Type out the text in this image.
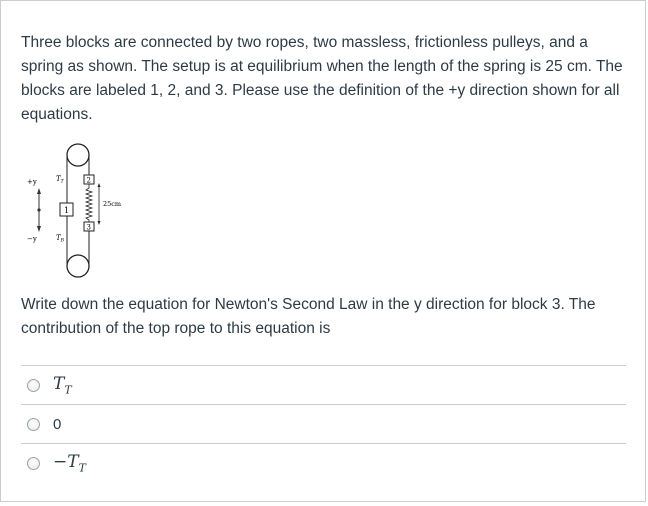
Three blocks are connected by two ropes, two massless, frictionless pulleys, and a spring as shown. The setup is at equilibrium when the length of the spring is 25 cm. The blocks are labeled 1, 2, and 3. Please use the definition of the +y direction shown for all equations.

+y
−y
1
2
3
25cm
$T_T$
$T_B$

Write down the equation for Newton's Second Law in the y direction for block 3. The contribution of the top rope to this equation is

$T_T$
0
$-T_T$
